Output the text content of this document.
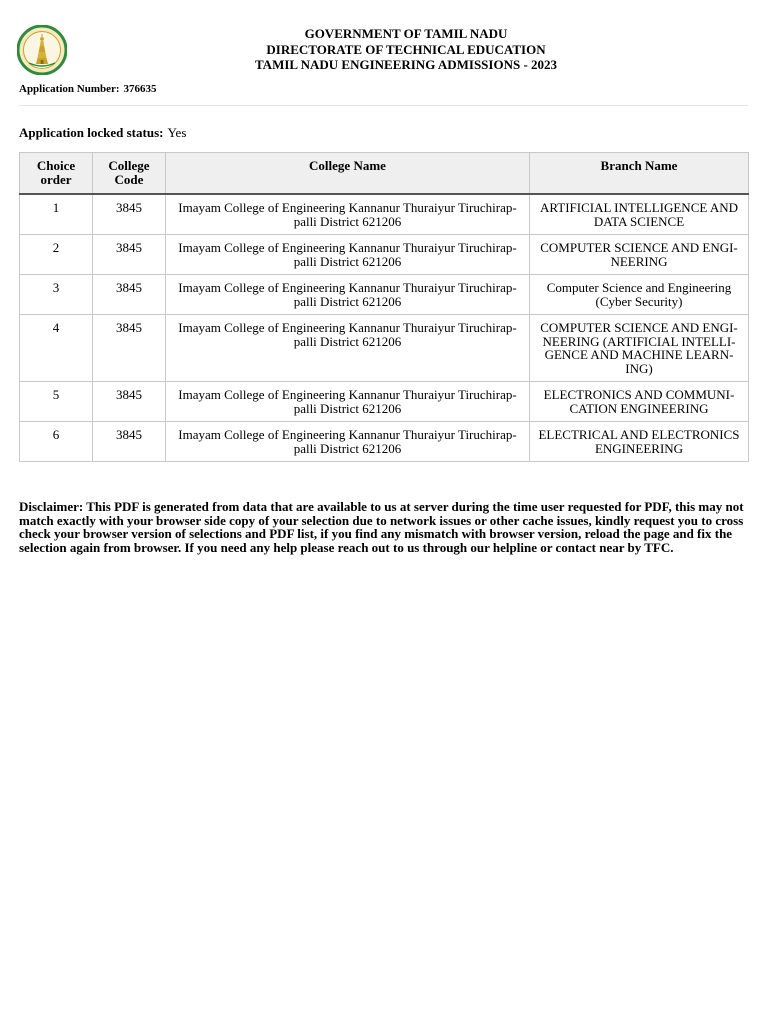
GOVERNMENT OF TAMIL NADU
DIRECTORATE OF TECHNICAL EDUCATION
TAMIL NADU ENGINEERING ADMISSIONS - 2023
Application Number: 376635
Application locked status: Yes
Choice order	College Code	College Name	Branch Name
1	3845	Imayam College of Engineering Kannanur Thuraiyur Tiruchirap-palli District 621206	ARTIFICIAL INTELLIGENCE AND DATA SCIENCE
2	3845	Imayam College of Engineering Kannanur Thuraiyur Tiruchirap-palli District 621206	COMPUTER SCIENCE AND ENGI-NEERING
3	3845	Imayam College of Engineering Kannanur Thuraiyur Tiruchirap-palli District 621206	Computer Science and Engineering (Cyber Security)
4	3845	Imayam College of Engineering Kannanur Thuraiyur Tiruchirap-palli District 621206	COMPUTER SCIENCE AND ENGI-NEERING (ARTIFICIAL INTELLI-GENCE AND MACHINE LEARN-ING)
5	3845	Imayam College of Engineering Kannanur Thuraiyur Tiruchirap-palli District 621206	ELECTRONICS AND COMMUNI-CATION ENGINEERING
6	3845	Imayam College of Engineering Kannanur Thuraiyur Tiruchirap-palli District 621206	ELECTRICAL AND ELECTRONICS ENGINEERING
Disclaimer: This PDF is generated from data that are available to us at server during the time user requested for PDF, this may not match exactly with your browser side copy of your selection due to network issues or other cache issues, kindly request you to cross check your browser version of selections and PDF list, if you find any mismatch with browser version, reload the page and fix the selection again from browser. If you need any help please reach out to us through our helpline or contact near by TFC.
